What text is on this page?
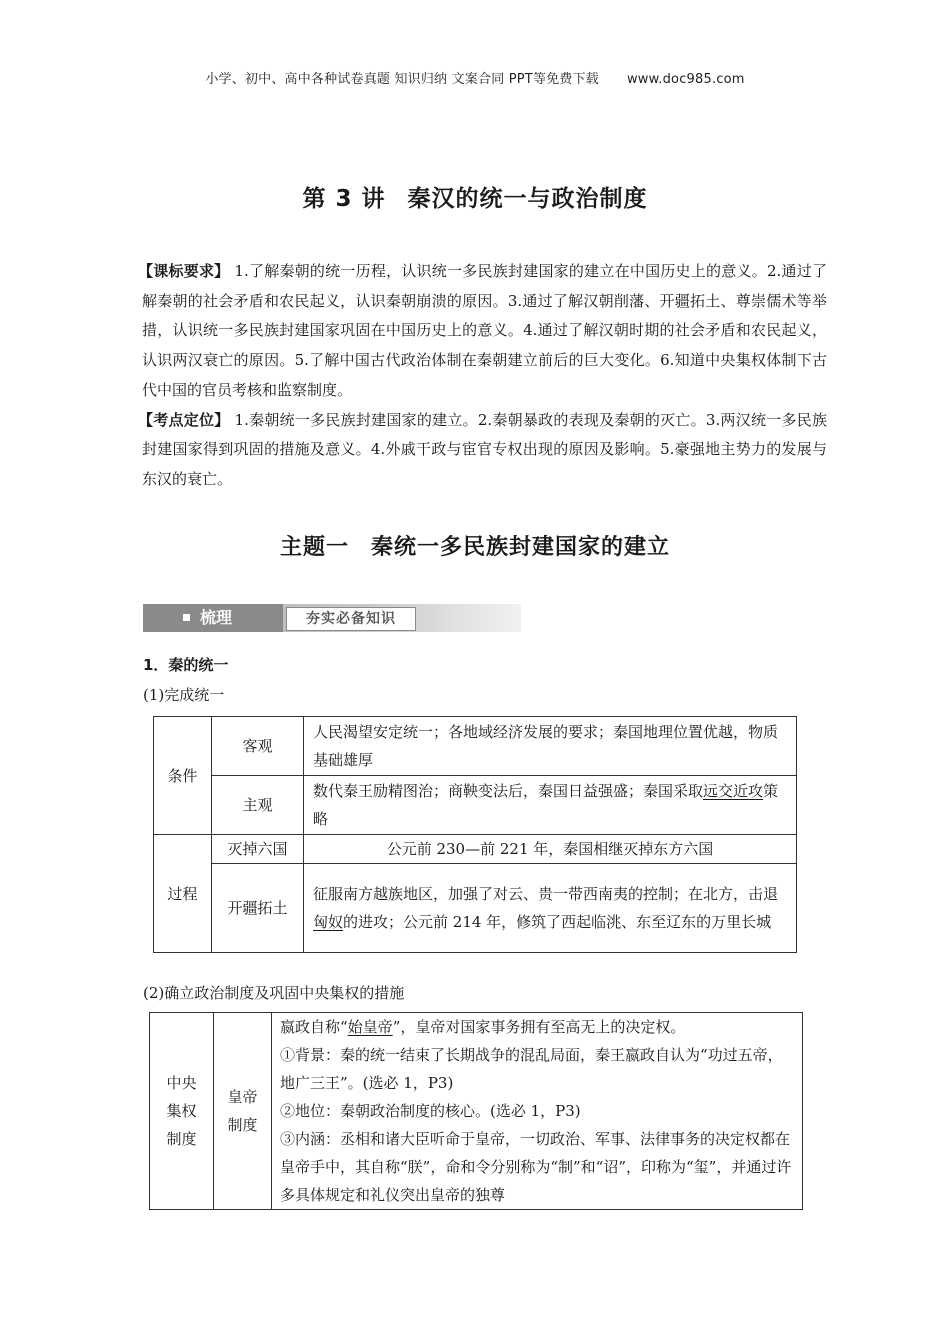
小学、初中、高中各种试卷真题 知识归纳 文案合同 PPT等免费下载 www.doc985.com
第 3 讲 秦汉的统一与政治制度

【课标要求】 1.了解秦朝的统一历程，认识统一多民族封建国家的建立在中国历史上的意义。2.通过了解秦朝的社会矛盾和农民起义，认识秦朝崩溃的原因。3.通过了解汉朝削藩、开疆拓土、尊崇儒术等举措，认识统一多民族封建国家巩固在中国历史上的意义。4.通过了解汉朝时期的社会矛盾和农民起义，认识两汉衰亡的原因。5.了解中国古代政治体制在秦朝建立前后的巨大变化。6.知道中央集权体制下古代中国的官员考核和监察制度。

【考点定位】 1.秦朝统一多民族封建国家的建立。2.秦朝暴政的表现及秦朝的灭亡。3.两汉统一多民族封建国家得到巩固的措施及意义。4.外戚干政与宦官专权出现的原因及影响。5.豪强地主势力的发展与东汉的衰亡。

主题一 秦统一多民族封建国家的建立
梳理	夯实必备知识
1．秦的统一
(1)完成统一
条件	客观	人民渴望安定统一；各地域经济发展的要求；秦国地理位置优越，物质基础雄厚
	主观	数代秦王励精图治；商鞅变法后，秦国日益强盛；秦国采取远交近攻策略
过程	灭掉六国	公元前 230—前 221 年，秦国相继灭掉东方六国
	开疆拓土	征服南方越族地区，加强了对云、贵一带西南夷的控制；在北方，击退匈奴的进攻；公元前 214 年，修筑了西起临洮、东至辽东的万里长城
(2)确立政治制度及巩固中央集权的措施
中央集权制度	皇帝制度	
嬴政自称“始皇帝”，皇帝对国家事务拥有至高无上的决定权。
①背景：秦的统一结束了长期战争的混乱局面，秦王嬴政自认为“功过五帝，地广三王”。(选必 1，P3)
②地位：秦朝政治制度的核心。(选必 1，P3)
③内涵：丞相和诸大臣听命于皇帝，一切政治、军事、法律事务的决定权都在皇帝手中，其自称“朕”，命和令分别称为“制”和“诏”，印称为“玺”，并通过许多具体规定和礼仪突出皇帝的独尊
